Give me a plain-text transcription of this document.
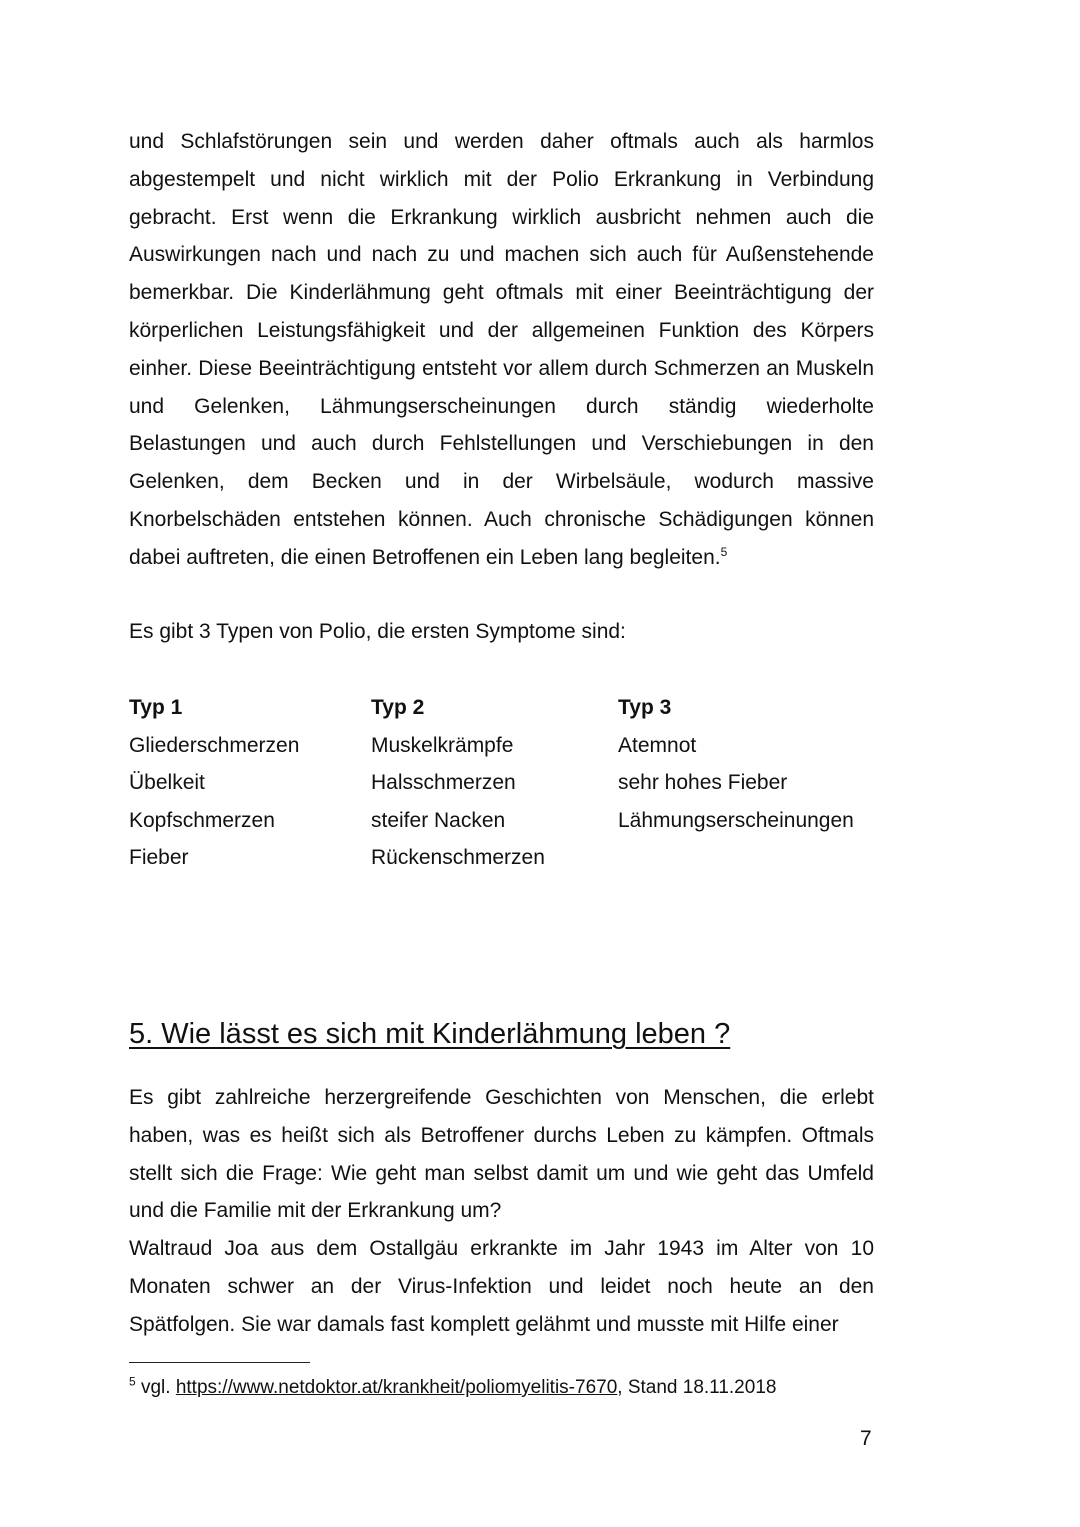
und Schlafstörungen sein und werden daher oftmals auch als harmlos abgestempelt und nicht wirklich mit der Polio Erkrankung in Verbindung gebracht. Erst wenn die Erkrankung wirklich ausbricht nehmen auch die Auswirkungen nach und nach zu und machen sich auch für Außenstehende bemerkbar. Die Kinderlähmung geht oftmals mit einer Beeinträchtigung der körperlichen Leistungsfähigkeit und der allgemeinen Funktion des Körpers einher. Diese Beeinträchtigung entsteht vor allem durch Schmerzen an Muskeln und Gelenken, Lähmungserscheinungen durch ständig wiederholte Belastungen und auch durch Fehlstellungen und Verschiebungen in den Gelenken, dem Becken und in der Wirbelsäule, wodurch massive Knorbelschäden entstehen können. Auch chronische Schädigungen können dabei auftreten, die einen Betroffenen ein Leben lang begleiten.$^5$

Es gibt 3 Typen von Polio, die ersten Symptome sind:

Typ 1
Gliederschmerzen
Übelkeit
Kopfschmerzen
Fieber
Typ 2
Muskelkrämpfe
Halsschmerzen
steifer Nacken
Rückenschmerzen
Typ 3
Atemnot
sehr hohes Fieber
Lähmungserscheinungen
5. Wie lässt es sich mit Kinderlähmung leben ?

Es gibt zahlreiche herzergreifende Geschichten von Menschen, die erlebt haben, was es heißt sich als Betroffener durchs Leben zu kämpfen. Oftmals stellt sich die Frage: Wie geht man selbst damit um und wie geht das Umfeld und die Familie mit der Erkrankung um?

Waltraud Joa aus dem Ostallgäu erkrankte im Jahr 1943 im Alter von 10 Monaten schwer an der Virus-Infektion und leidet noch heute an den Spätfolgen. Sie war damals fast komplett gelähmt und musste mit Hilfe einer

$^5$ vgl. https://www.netdoktor.at/krankheit/poliomyelitis-7670, Stand 18.11.2018
7
